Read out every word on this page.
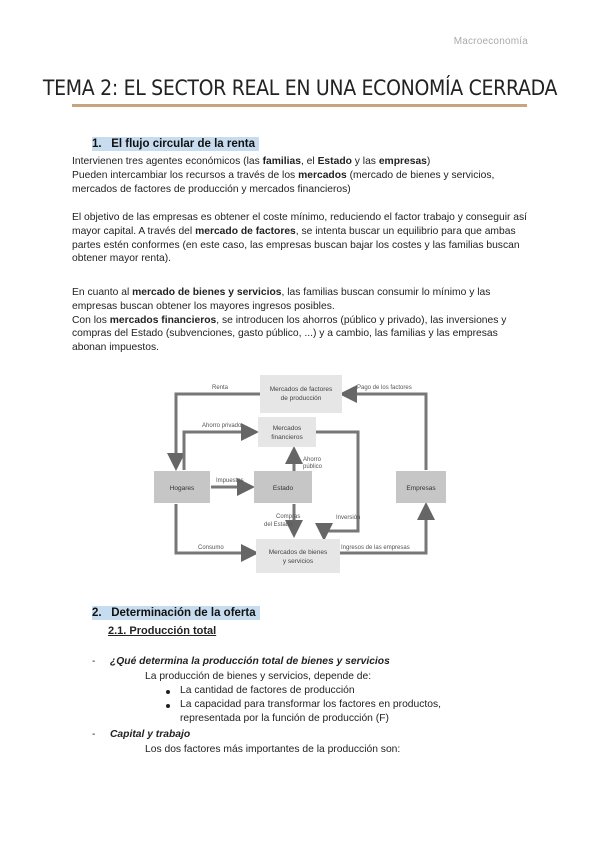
Macroeconomía
TEMA 2: EL SECTOR REAL EN UNA ECONOMÍA CERRADA
1. El flujo circular de la renta
Intervienen tres agentes económicos (las familias, el Estado y las empresas)
Pueden intercambiar los recursos a través de los mercados (mercado de bienes y servicios, mercados de factores de producción y mercados financieros)
El objetivo de las empresas es obtener el coste mínimo, reduciendo el factor trabajo y conseguir así mayor capital. A través del mercado de factores, se intenta buscar un equilibrio para que ambas partes estén conformes (en este caso, las empresas buscan bajar los costes y las familias buscan obtener mayor renta).
En cuanto al mercado de bienes y servicios, las familias buscan consumir lo mínimo y las empresas buscan obtener los mayores ingresos posibles.
Con los mercados financieros, se introducen los ahorros (público y privado), las inversiones y compras del Estado (subvenciones, gasto público, ...) y a cambio, las familias y las empresas abonan impuestos.
Mercados de factores
de producción
Mercados
financieros
Hogares	Estado	Empresas
Mercados de bienes
y servicios
Renta	Pago de los factores
Ahorro privado
Ahorro
público
Impuestos
Compras
del Estado
Inversión
Consumo	Ingresos de las empresas
2. Determinación de la oferta
2.1. Producción total
- ¿Qué determina la producción total de bienes y servicios
La producción de bienes y servicios, depende de:
La cantidad de factores de producción
La capacidad para transformar los factores en productos,
representada por la función de producción (F)
- Capital y trabajo
Los dos factores más importantes de la producción son:
